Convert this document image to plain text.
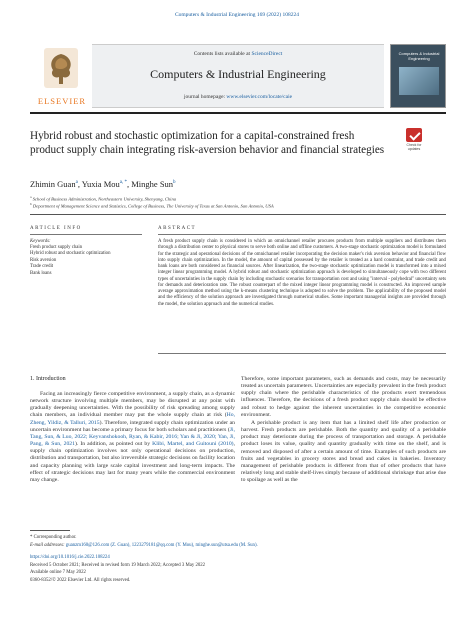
Computers & Industrial Engineering 169 (2022) 108224
ELSEVIER
Contents lists available at ScienceDirect
Computers & Industrial Engineering
journal homepage: www.elsevier.com/locate/caie
Computers & Industrial Engineering
Hybrid robust and stochastic optimization for a capital-constrained fresh product supply chain integrating risk-aversion behavior and financial strategies	Check for updates
Zhimin Guan$^a$, Yuxia Mou$^{a, *}$, Minghe Sun$^b$
$^a$ School of Business Administration, Northeastern University, Shenyang, China
$^b$ Department of Management Science and Statistics, College of Business, The University of Texas at San Antonio, San Antonio, USA
ARTICLE INFO
Keywords:
Fresh product supply chain
Hybrid robust and stochastic optimization
Risk aversion
Trade credit
Bank loans
ABSTRACT
A fresh product supply chain is considered in which an omnichannel retailer procures products from multiple suppliers and distributes them through a distribution center to physical stores to serve both online and offline customers. A two-stage stochastic optimization model is formulated for the strategic and operational decisions of the omnichannel retailer incorporating the decision maker's risk aversion behavior and financial flow into supply chain optimization. In the model, the amount of capital possessed by the retailer is treated as a hard constraint, and trade credit and bank loans are both considered as financial sources. After linearization, the two-stage stochastic optimization model is transformed into a mixed integer linear programming model. A hybrid robust and stochastic optimization approach is developed to simultaneously cope with two different types of uncertainties in the supply chain by including stochastic scenarios for transportation cost and using "interval - polyhedral" uncertainty sets for demands and deterioration rate. The robust counterpart of the mixed integer linear programming model is constructed. An improved sample average approximation method using the k-means clustering technique is adopted to solve the problem. The applicability of the proposed model and the efficiency of the solution approach are investigated through numerical studies. Some important managerial insights are provided through the model, the solution approach and the numerical studies.
1. Introduction

Facing an increasingly fierce competitive environment, a supply chain, as a dynamic network structure involving multiple members, may be disrupted at any point with gradually deepening uncertainties. With the possibility of risk spreading among supply chain members, an individual member may put the whole supply chain at risk (Ho, Zheng, Yildiz, & Talluri, 2015). Therefore, integrated supply chain optimization under an uncertain environment has become a primary focus for both scholars and practitioners (Ji, Tang, Sun, & Luo, 2022; Keyvanshokooh, Ryan, & Kabir, 2016; Yan & Ji, 2020; Yan, Ji, Pang, & Sun, 2021). In addition, as pointed out by Klibi, Martel, and Guitouni (2010), supply chain optimization involves not only operational decisions on production, distribution and transportation, but also irreversible strategic decisions on facility location and capacity planning with large scale capital investment and long-term impacts. The effect of strategic decisions may last for many years while the commercial environment may change.

Therefore, some important parameters, such as demands and costs, may be necessarily treated as uncertain parameters. Uncertainties are especially prevalent in the fresh product supply chain where the perishable characteristics of the products exert tremendous influences. Therefore, the decisions of a fresh product supply chain should be effective and robust to hedge against the inherent uncertainties in the competitive economic environment.

A perishable product is any item that has a limited shelf life after production or harvest. Fresh products are perishable. Both the quantity and quality of a perishable product may deteriorate during the process of transportation and storage. A perishable product loses its value, quality and quantity gradually with time on the shelf, and is removed and disposed of after a certain amount of time. Examples of such products are fruits and vegetables in grocery stores and bread and cakes in bakeries. Inventory management of perishable products is different from that of other products that have relatively long and stable shelf-lives simply because of additional shrinkage that arise due to spoilage as well as the

* Corresponding author.
E-mail addresses: guanzm160@126.com (Z. Guan), 1223279181@qq.com (Y. Mou), minghe.sun@utsa.edu (M. Sun).
https://doi.org/10.1016/j.cie.2022.108224
Received 5 October 2021; Received in revised form 19 March 2022; Accepted 3 May 2022
Available online 7 May 2022
0360-8352/© 2022 Elsevier Ltd. All rights reserved.
